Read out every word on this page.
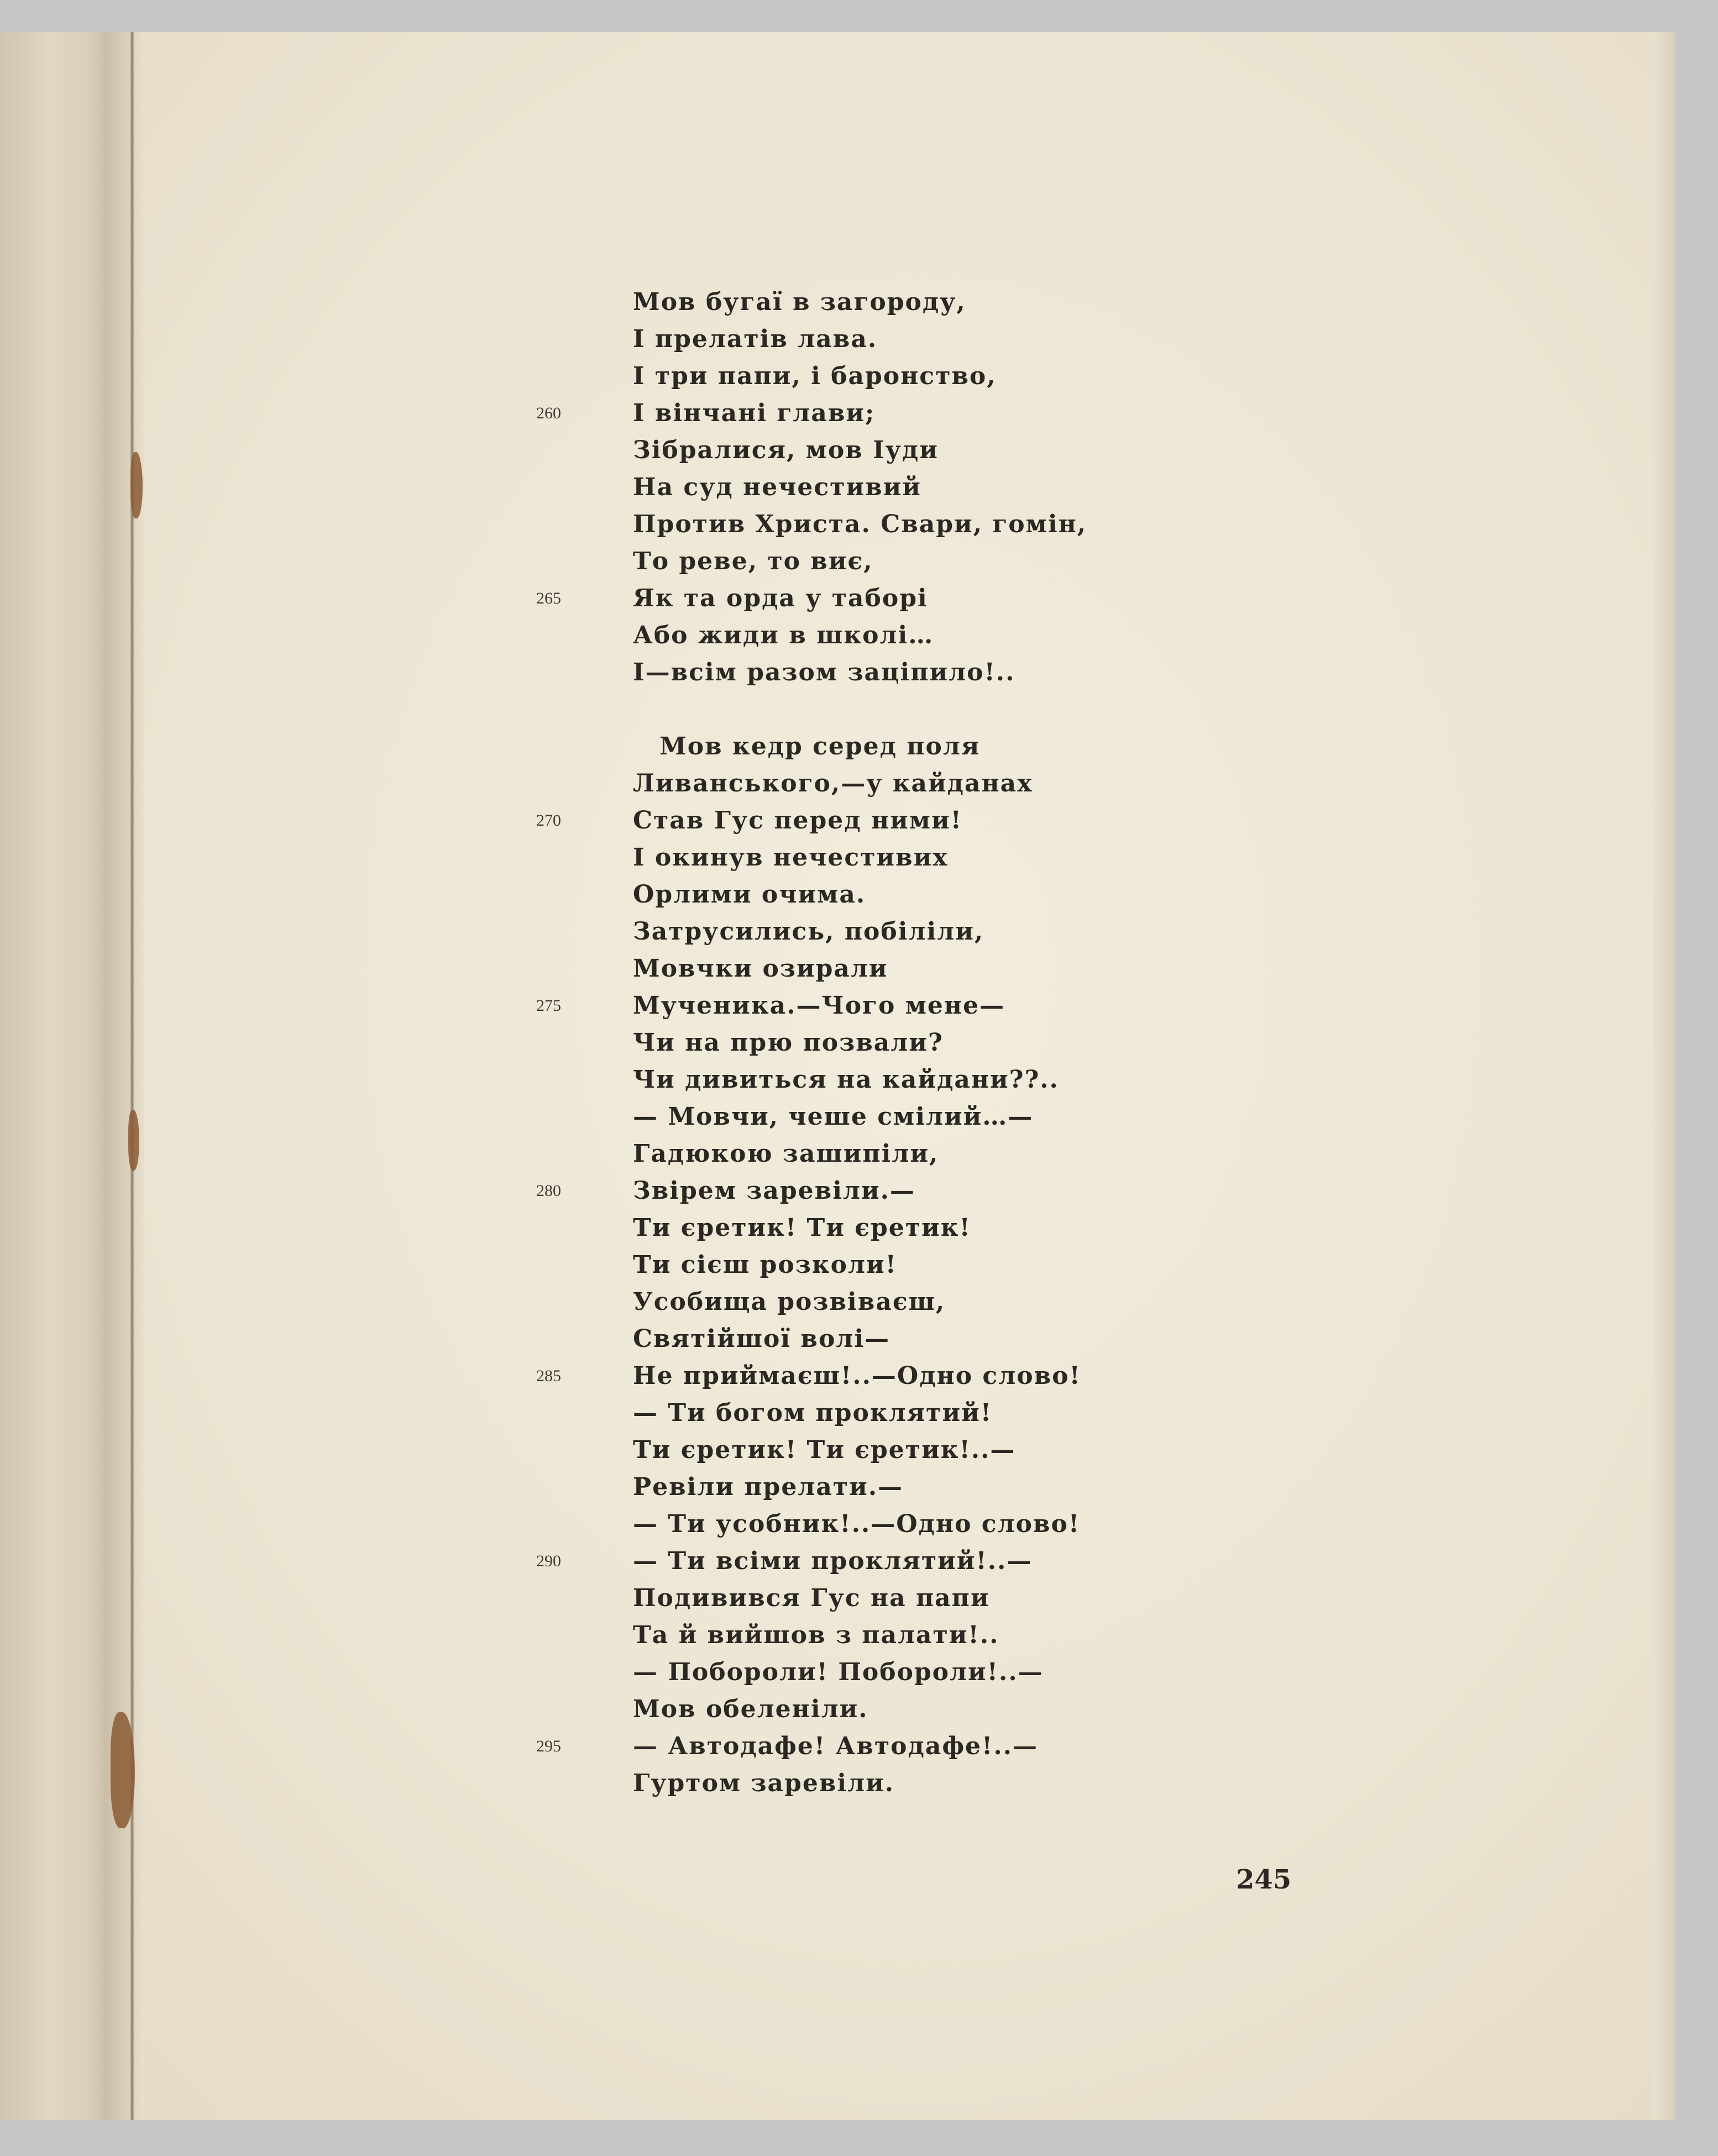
Мов бугаї в загороду,
І прелатів лава.
І три папи, і баронство,
260	І вінчані глави;
Зібралися, мов Іуди
На суд нечестивий
Против Христа. Свари, гомін,
То реве, то виє,
265	Як та орда у таборі
Або жиди в школі…
І—всім разом заціпило!..
Мов кедр серед поля
Ливанського,—у кайданах
270	Став Гус перед ними!
І окинув нечестивих
Орлими очима.
Затрусились, побіліли,
Мовчки озирали
275	Мученика.—Чого мене—
Чи на прю позвали?
Чи дивиться на кайдани??..
— Мовчи, чеше смілий…—
Гадюкою зашипіли,
280	Звірем заревіли.—
Ти єретик! Ти єретик!
Ти сієш розколи!
Усобища розвіваєш,
Святійшої волі—
285	Не приймаєш!..—Одно слово!
— Ти богом проклятий!
Ти єретик! Ти єретик!..—
Ревіли прелати.—
— Ти усобник!..—Одно слово!
290	— Ти всіми проклятий!..—
Подивився Гус на папи
Та й вийшов з палати!..
— Побороли! Побороли!..—
Мов обеленіли.
295	— Автодафе! Автодафе!..—
Гуртом заревіли.
245
